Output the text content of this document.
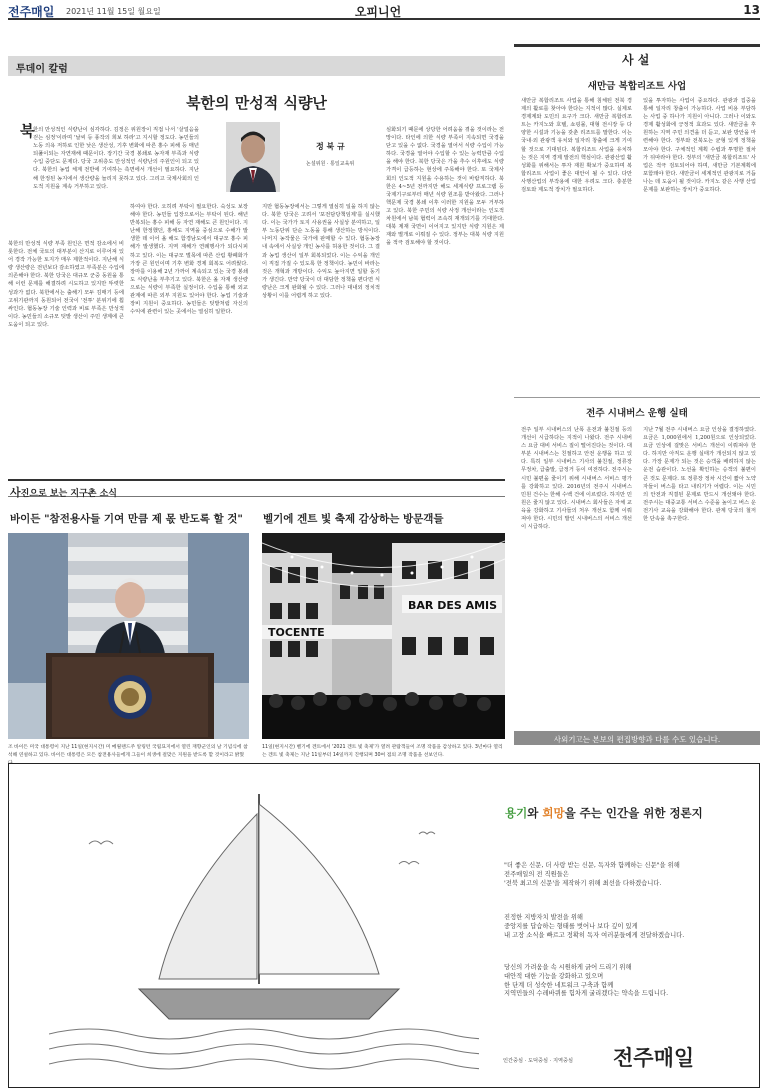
전주매일 2021년 11월 15일 월요일	오피니언	13
투데이 칼럼
북한의 만성적 식량난
한의 만성적인 식량난이 심각하다. 김정은 위원장이 직접 나서 '살얼음을 걷는 심정'이라며 '날씨 등 풍작의 희보 하라'고 지시할 정도다. 농민들의 노동 의욕 저하로 인한 낮은 생산성, 기후 변화에 따른 홍수 피해 등 매년 되풀이되는 자연재해 때문이다. 장기간 국경 봉쇄로 농자재 부족과 식량 수입 중단도 문제다. 당국 고위층도 만성적인 식량난의 주원인이 되고 있다. 북한의 농업 체계 전반에 기여하는 측면에서 개선이 필요하다. 지난해 한정된 농지에서 생산량을 늘리지 못하고 있다. 그리고 국제사회의 인도적 지원을 계속 거부하고 있다.
북
북한의 만성적 식량 부족 원인은 면적 감소에서 비롯한다. 전체 국토의 대부분이 산지로 이루어져 있어 경작 가능한 토지가 매우 제한적이다. 지난해 식량 생산량은 전년보다 감소하였고 부족분은 수입에 의존해야 한다. 북한 당국은 대규모 군중 동원을 통해 이런 문제를 해결하려 시도하고 있지만 뚜렷한 성과가 없다. 북한에서는 출해기 모두 김매기 등에 고위기관까지 동원되어 전국이 '전투' 분위기에 휩싸인다. 협동농장 기술 인력과 비료 부족은 만성적이다. 농민들의 소규모 텃밭 생산이 주민 생계에 큰 도움이 되고 있다.
정 북 규
논설위원 · 통일교육위
하여야 한다. 오히려 부탁이 필요한다. 숙성도 보장해야 한다. 농민들 입장으로서는 부탁이 된다. 해년 반복되는 홍수 피해 등 자연 재해도 큰 원인이다. 지난해 한정했던, 홍해도 지역을 중심으로 수해가 발생한 데 이어 올 해도 함경남도에서 대규모 홍수 피해가 발생했다. 지역 재해가 연례행사가 되다시피 하고 있다. 이는 대규모 벌목에 따른 산림 황폐화가 가장 큰 원인이며 기후 변화 경제 회복도 어려웠다. 장마를 이용해 2년 가까이 계속되고 있는 국경 봉쇄도 식량난을 부추기고 있다. 북한은 올 자재 생산량으로는 식량이 부족한 실정이다. 수입을 통해 외교 관계에 따른 외부 지원도 있어야 한다. 농업 기술과 장비 지원이 중요하다. 농민들은 텃밭처럼 자신의 수익에 관련이 있는 곳에서는 열심히 일한다.
지만 협동농장에서는 그렇게 열심히 일을 하지 않는다. 북한 당국은 고려서 '포전담당책임제'를 실시했다. 이는 국가가 토지 사용권을 사실상 분여하고, 일부 노동단위 단순 노동을 통해 생산하는 방식이다. 나머지 농작물은 국가에 판매할 수 있다. 협동농장 내 속에서 사실상 개인 농사를 허용한 것이다. 그 결과 농업 생산이 일부 회복되었다. 이는 수익을 개인이 직접 가질 수 있도록 한 정책이다. 농민이 바라는 것은 개혁과 개방이다. 수익도 높아지면 일할 동기가 생긴다. 만약 당국이 더 대담한 정책을 편다면 식량난은 크게 완화될 수 있다. 그러나 대내외 정치적 상황이 이를 어렵게 하고 있다.
심화되기 때문에 상당한 어려움을 겪을 것이라는 전망이다. 타인에 의한 식량 부족이 지속되면 국경을 닫고 있을 수 없다. 국경을 열어서 식량 수입이 가능하다. 국경을 열어야 수입할 수 있는 능력만큼 수입을 해야 한다. 북한 당국은 가을 추수 이후에도 식량 가격이 급등하는 현상에 주목해야 한다. 또 국제사회의 인도적 지원을 수용하는 것이 바람직하다. 북한은 4~5년 전까지만 해도 세계식량 프로그램 등 국제기구로부터 매년 식량 원조를 받아왔다. 그러나 핵문제 국경 봉쇄 이후 이러한 지원을 모두 거부하고 있다. 북한 주민의 식량 사정 개선이라는 인도적 차원에서 남북 협력이 조속히 재개되기를 기대한다. 대북 제재 국면이 이어지고 있지만 식량 지원은 제재와 별개로 이뤄질 수 있다. 정부는 대북 식량 지원을 적극 검토해야 할 것이다.
사진으로 보는 지구촌 소식
바이든 "참전용사들 기여 만큼 제 몫 반도록 할 것" 벨기에 겐트 빛 축제 감상하는 방문객들
TOCENTE
BAR DES AMIS
조 바이든 미국 대통령이 지난 11일(현지시간) 미 메릴랜드주 알링턴 국립묘지에서 열린 재향군인의 날 기념식에 참석해 연설하고 있다. 바이든 대통령은 모든 참전용사들에게 그들이 희생에 걸맞은 지원을 받도록 할 것이라고 밝혔
11일(현지시간) 벨기에 겐트에서 '2021 겐트 빛 축제'가 열려 관람객들이 조명 작품을 감상하고 있다. 3년마다 열리는 겐트 빛 축제는 지난 11일부터 14일까지 진행되며 30여 점의 조명 작품을 선보인다.
사 설
새만금 복합리조트 사업
새만금 복합리조트 사업을 통해 침체된 전북 경제의 활로를 찾아야 한다는 지적이 많다. 실제로 경제계와 도민의 요구가 크다. 새만금 복합리조트는 카지노와 호텔, 쇼핑몰, 대형 전시장 등 다양한 시설과 기능을 갖춘 리조트를 말한다. 이는 국내·외 관광객 유치와 일자리 창출에 크게 기여할 것으로 기대된다. 복합리조트 사업을 유치하는 것은 지역 경제 발전의 핵심이다. 관광산업 활성화를 위해서는 투자 재원 확보가 중요하며 복합리조트 사업이 좋은 대안이 될 수 있다. 다만 사행산업의 부작용에 대한 우려도 크다. 충분한 검토와 제도적 장치가 필요하다.
있을 투자하는 사업이 중요하다. 관광과 집중을 통해 일자리 창출이 가능하다. 사업 비용 부담하는 사업 중 하나가 지원이 아니다. 그러나 이와도 경제 활성화에 긍정적 효과도 있다. 새만금을 후원하는 지역 주민 의견을 더 듣고, 보완 방안을 마련해야 한다. 정부와 전북도는 균형 있게 정책을 모아야 한다. 구체적인 계획 수립과 투명한 절차가 뒤따라야 한다. 정부의 '새만금 복합리조트' 사업은 적극 검토되어야 하며, 새만금 기본계획에 포함돼야 한다. 새만금이 세계적인 관광지로 거듭나는 데 도움이 될 것이다. 카지노 같은 사행 산업 문제를 보완하는 장치가 중요하다.
전주 시내버스 운행 실태
전주 일부 시내버스의 난폭 운전과 불친절 등의 개선이 시급하다는 지적이 나왔다. 전주 시내버스 요금 대비 서비스 질이 떨어진다는 것이다. 대부분 시내버스는 친절하고 안전 운행을 하고 있다. 특히 일부 시내버스 기사의 불친절, 정류장 무정차, 급출발, 급정거 등이 여전하다. 전주시는 시민 불편을 줄이기 위해 시내버스 서비스 평가를 강화하고 있다. 2016년의 전주시 시내버스 민원 건수는 한해 수백 건에 이르렀다. 하지만 민원은 줄지 않고 있다. 시내버스 회사들은 자체 교육을 강화하고 기사들의 처우 개선도 함께 이뤄져야 한다. 시민의 발인 시내버스의 서비스 개선이 시급하다.
지난 7월 전주 시내버스 요금 인상을 결정하였다. 요금은 1,000원에서 1,200원으로 인상되었다. 요금 인상에 걸맞은 서비스 개선이 이뤄져야 한다. 하지만 아직도 운행 실태가 개선되지 않고 있다. 가장 문제가 되는 것은 승객을 배려하지 않는 운전 습관이다. 노선을 확인하는 승객의 불편이 큰 것도 문제다. 또 정류장 정차 시간이 짧아 노약자들이 버스를 타고 내리기가 어렵다. 이는 시민의 안전과 직결된 문제로 반드시 개선돼야 한다. 전주시는 대중교통 서비스 수준을 높이고 버스 운전기사 교육을 강화해야 한다. 관계 당국의 철저한 단속을 촉구한다.
사외기고는 본보의 편집방향과 다를 수도 있습니다.
용기와 희망을 주는 인간을 위한 정론지
"더 좋은 신문, 더 사랑 받는 신문, 독자와 함께하는 신문"을 위해
전주매일의 전 직원들은
'전북 최고의 신문'을 제작하기 위해 최선을 다하겠습니다.
진정한 지방자치 발전을 위해
중앙지를 답습하는 형태를 벗어나 보다 깊이 있게
내 고장 소식을 빠르고 정확히 독자 여러분들에게 전달하겠습니다.
당신의 가려움을 속 시원하게 긁어 드리기 위해
대안적 대한 기능을 강화하고 있으며
한 단계 더 성숙한 네트워크 구축과 함께
지역민들의 수레바퀴를 힘차게 굴리겠다는 약속을 드립니다.
인간중심 · 도덕중심 · 지역중심 전주매일
